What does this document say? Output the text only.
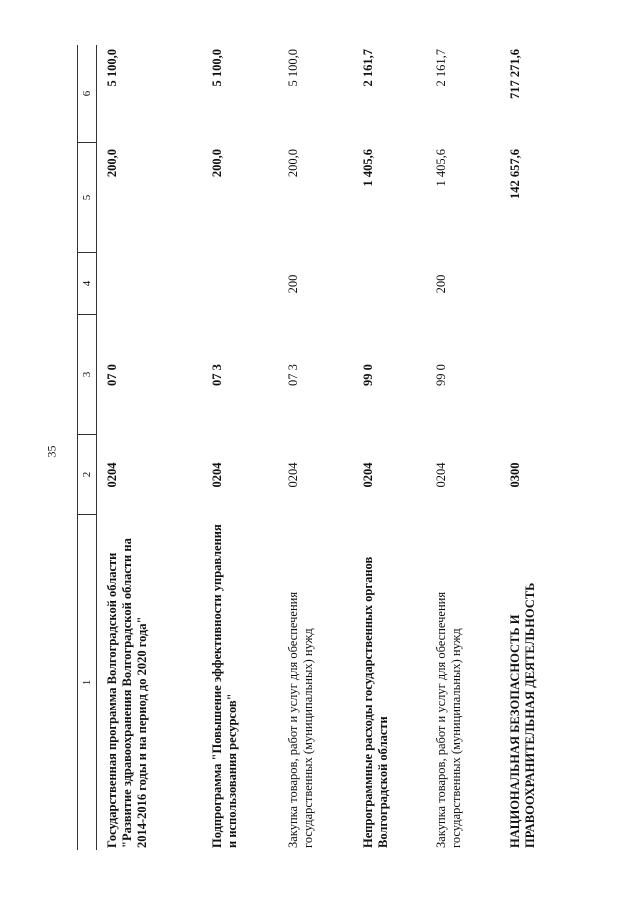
35
1
2
3
4
5
6
Государственная программа Волгоградской области "Развитие здравоохранения Волгоградской области на 2014-2016 годы и на период до 2020 года"
0204
07 0
200,0
5 100,0
Подпрограмма "Повышение эффективности управления и использования ресурсов"
0204
07 3
200,0
5 100,0
Закупка товаров, работ и услуг для обеспечения государственных (муниципальных) нужд
0204
07 3
200
200,0
5 100,0
Непрограммные расходы государственных органов Волгоградской области
0204
99 0
1 405,6
2 161,7
Закупка товаров, работ и услуг для обеспечения государственных (муниципальных) нужд
0204
99 0
200
1 405,6
2 161,7
НАЦИОНАЛЬНАЯ БЕЗОПАСНОСТЬ И ПРАВООХРАНИТЕЛЬНАЯ ДЕЯТЕЛЬНОСТЬ
0300
142 657,6
717 271,6
